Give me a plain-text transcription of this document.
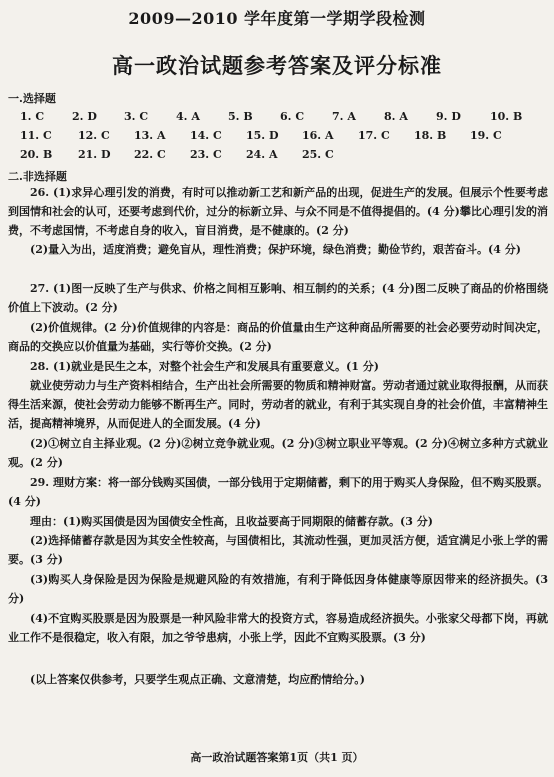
2009—2010 学年度第一学期学段检测
高一政治试题参考答案及评分标准
一.选择题
1. C	2. D 3. C	4. A	5. B 6. C	7. A	8. A	9. D	10. B
11. C 12. C 13. A 14. C 15. D 16. A 17. C 18. B 19. C
20. B 21. D 22. C 23. C 24. A 25. C
二.非选择题
26. (1)求异心理引发的消费，有时可以推动新工艺和新产品的出现，促进生产的发展。但展示个性要考虑到国情和社会的认可，还要考虑到代价，过分的标新立异、与众不同是不值得提倡的。(4 分)攀比心理引发的消费，不考虑国情，不考虑自身的收入，盲目消费，是不健康的。(2 分)
(2)量入为出，适度消费；避免盲从，理性消费；保护环境，绿色消费；勤俭节约，艰苦奋斗。(4 分)
27. (1)图一反映了生产与供求、价格之间相互影响、相互制约的关系；(4 分)图二反映了商品的价格围绕价值上下波动。(2 分)
(2)价值规律。(2 分)价值规律的内容是：商品的价值量由生产这种商品所需要的社会必要劳动时间决定，商品的交换应以价值量为基础，实行等价交换。(2 分)
28. (1)就业是民生之本，对整个社会生产和发展具有重要意义。(1 分)
就业使劳动力与生产资料相结合，生产出社会所需要的物质和精神财富。劳动者通过就业取得报酬，从而获得生活来源，使社会劳动力能够不断再生产。同时，劳动者的就业，有利于其实现自身的社会价值，丰富精神生活，提高精神境界，从而促进人的全面发展。(4 分)
(2)①树立自主择业观。(2 分)②树立竞争就业观。(2 分)③树立职业平等观。(2 分)④树立多种方式就业观。(2 分)
29. 理财方案：将一部分钱购买国债，一部分钱用于定期储蓄，剩下的用于购买人身保险，但不购买股票。(4 分)
理由：(1)购买国债是因为国债安全性高，且收益要高于同期限的储蓄存款。(3 分)
(2)选择储蓄存款是因为其安全性较高，与国债相比，其流动性强，更加灵活方便，适宜满足小张上学的需要。(3 分)
(3)购买人身保险是因为保险是规避风险的有效措施，有利于降低因身体健康等原因带来的经济损失。(3 分)
(4)不宜购买股票是因为股票是一种风险非常大的投资方式，容易造成经济损失。小张家父母都下岗，再就业工作不是很稳定，收入有限，加之爷爷患病，小张上学，因此不宜购买股票。(3 分)
(以上答案仅供参考，只要学生观点正确、文意清楚，均应酌情给分。)
高一政治试题答案第1页（共1 页）
